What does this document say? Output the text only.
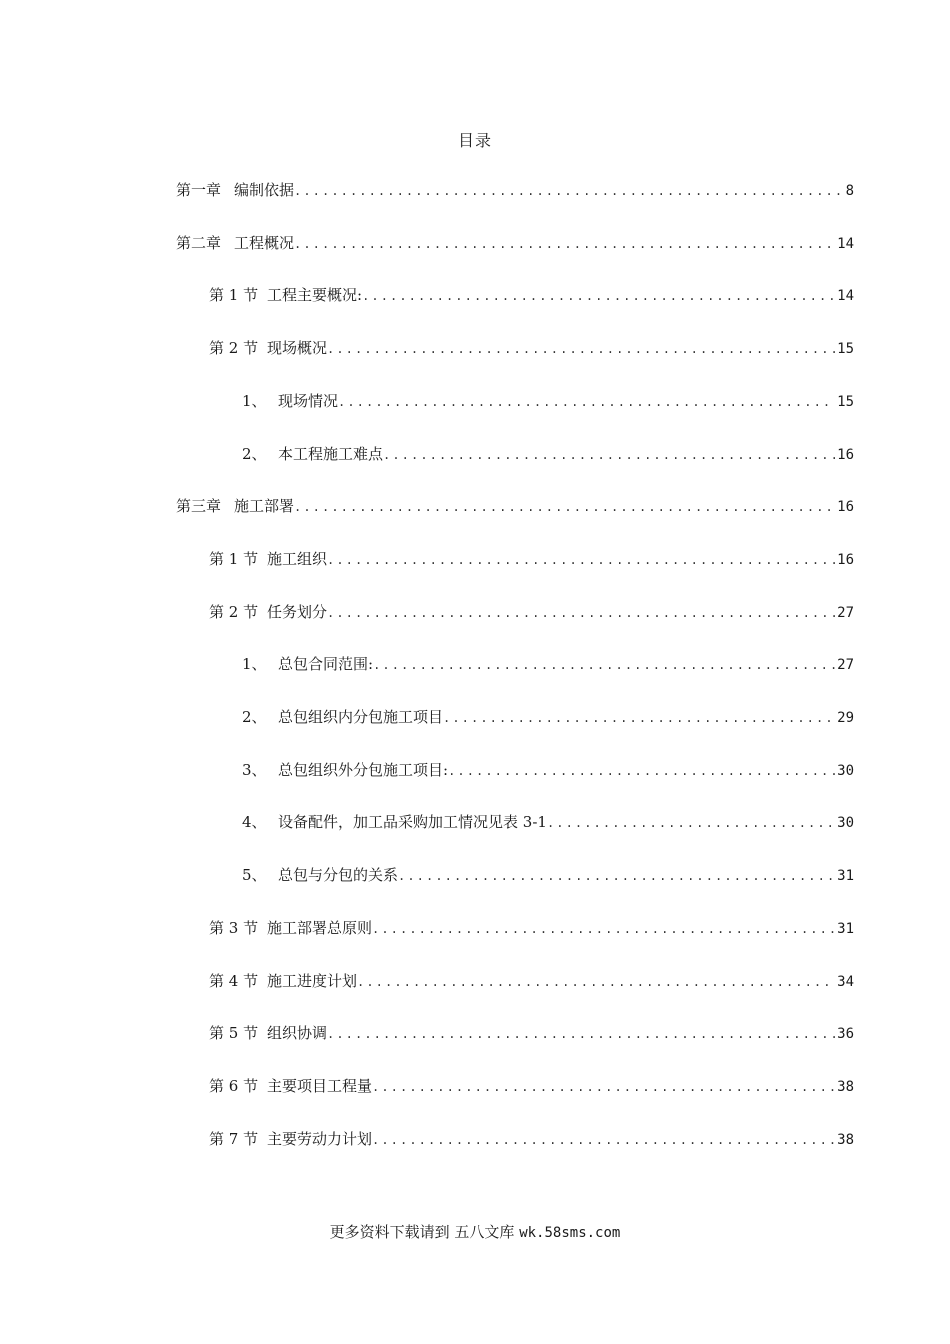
目录
第一章 编制依据 .....	8
第二章 工程概况 .....	14
第 1 节 工程主要概况: .....	14
第 2 节 现场概况 .....	15
1、 现场情况 .....	15
2、 本工程施工难点 .....	16
第三章 施工部署 .....	16
第 1 节 施工组织 .....	16
第 2 节 任务划分 .....	27
1、 总包合同范围: .....	27
2、 总包组织内分包施工项目 .....	29
3、 总包组织外分包施工项目: .....	30
4、 设备配件，加工品采购加工情况见表 3-1 .....	30
5、 总包与分包的关系 .....	31
第 3 节 施工部署总原则 .....	31
第 4 节 施工进度计划 .....	34
第 5 节 组织协调 .....	36
第 6 节 主要项目工程量 .....	38
第 7 节 主要劳动力计划 .....	38
更多资料下载请到 五八文库 wk.58sms.com
